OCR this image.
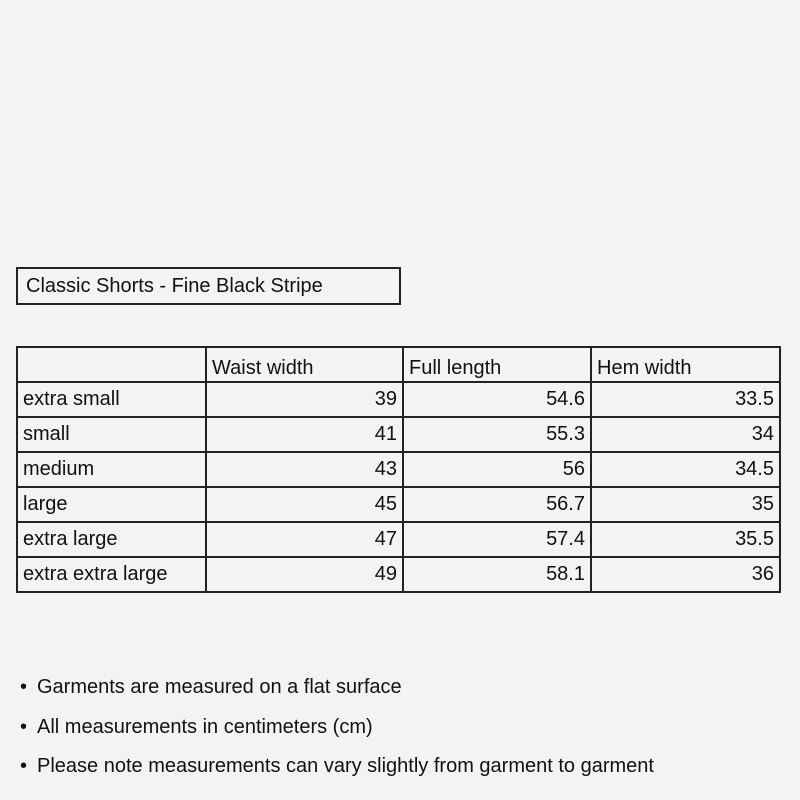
Classic Shorts - Fine Black Stripe
	Waist width	Full length	Hem width
extra small	39	54.6	33.5
small	41	55.3	34
medium	43	56	34.5
large	45	56.7	35
extra large	47	57.4	35.5
extra extra large	49	58.1	36
• Garments are measured on a flat surface
• All measurements in centimeters (cm)
• Please note measurements can vary slightly from garment to garment
